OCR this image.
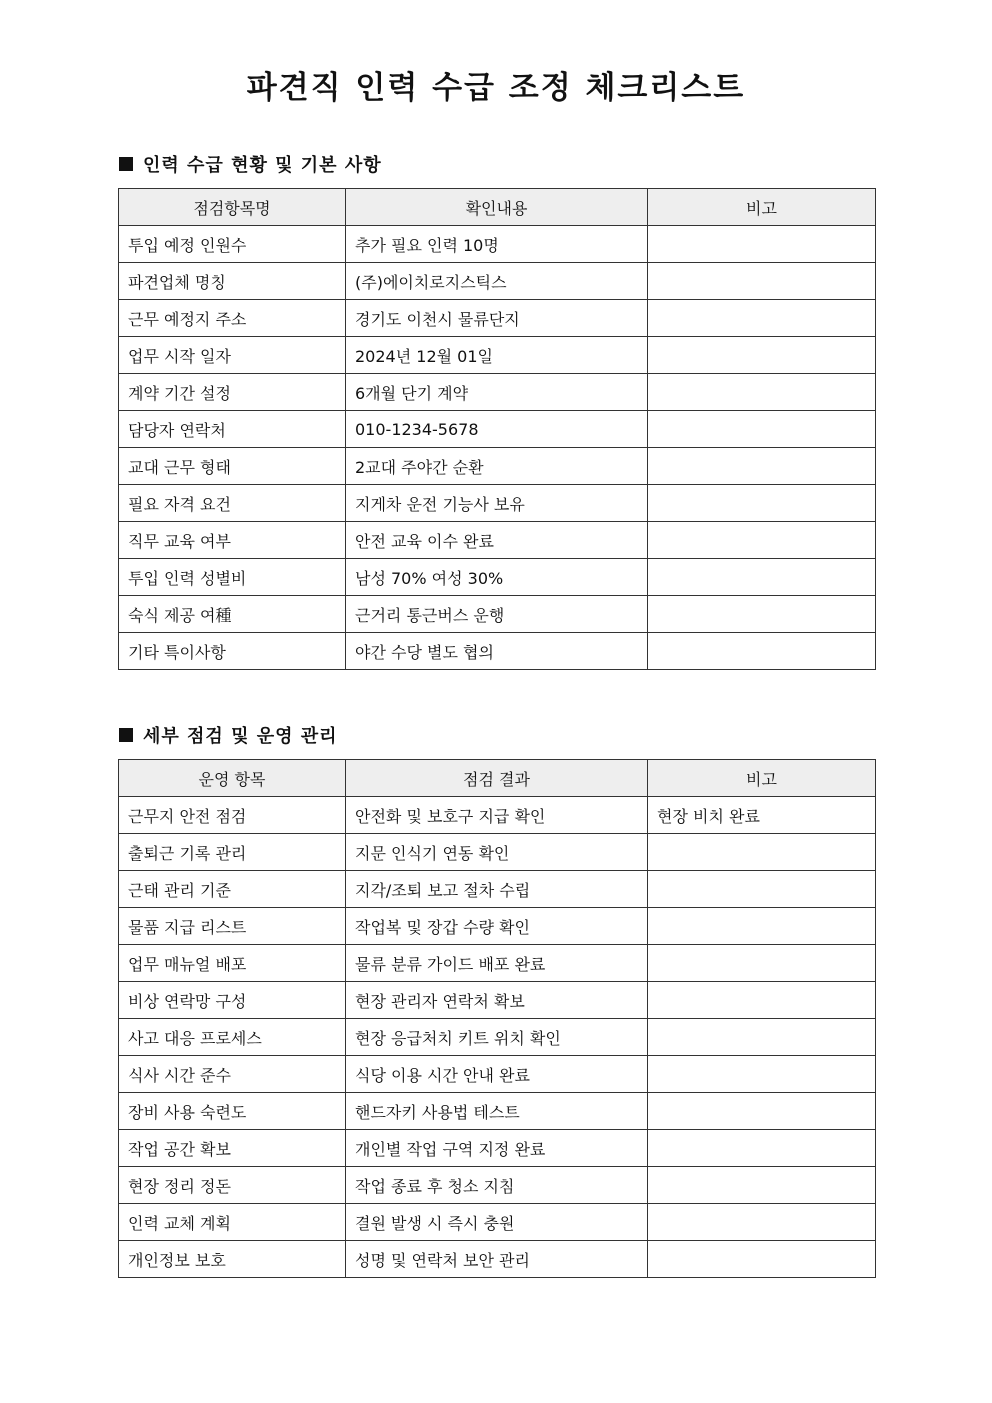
파견직 인력 수급 조정 체크리스트
인력 수급 현황 및 기본 사항
점검항목명	확인내용	비고
투입 예정 인원수	추가 필요 인력 10명	
파견업체 명칭	(주)에이치로지스틱스	
근무 예정지 주소	경기도 이천시 물류단지	
업무 시작 일자	2024년 12월 01일	
계약 기간 설정	6개월 단기 계약	
담당자 연락처	010-1234-5678	
교대 근무 형태	2교대 주야간 순환	
필요 자격 요건	지게차 운전 기능사 보유	
직무 교육 여부	안전 교육 이수 완료	
투입 인력 성별비	남성 70% 여성 30%	
숙식 제공 여種	근거리 통근버스 운행	
기타 특이사항	야간 수당 별도 협의	
세부 점검 및 운영 관리
운영 항목	점검 결과	비고
근무지 안전 점검	안전화 및 보호구 지급 확인	현장 비치 완료
출퇴근 기록 관리	지문 인식기 연동 확인	
근태 관리 기준	지각/조퇴 보고 절차 수립	
물품 지급 리스트	작업복 및 장갑 수량 확인	
업무 매뉴얼 배포	물류 분류 가이드 배포 완료	
비상 연락망 구성	현장 관리자 연락처 확보	
사고 대응 프로세스	현장 응급처치 키트 위치 확인	
식사 시간 준수	식당 이용 시간 안내 완료	
장비 사용 숙련도	핸드자키 사용법 테스트	
작업 공간 확보	개인별 작업 구역 지정 완료	
현장 정리 정돈	작업 종료 후 청소 지침	
인력 교체 계획	결원 발생 시 즉시 충원	
개인정보 보호	성명 및 연락처 보안 관리	
